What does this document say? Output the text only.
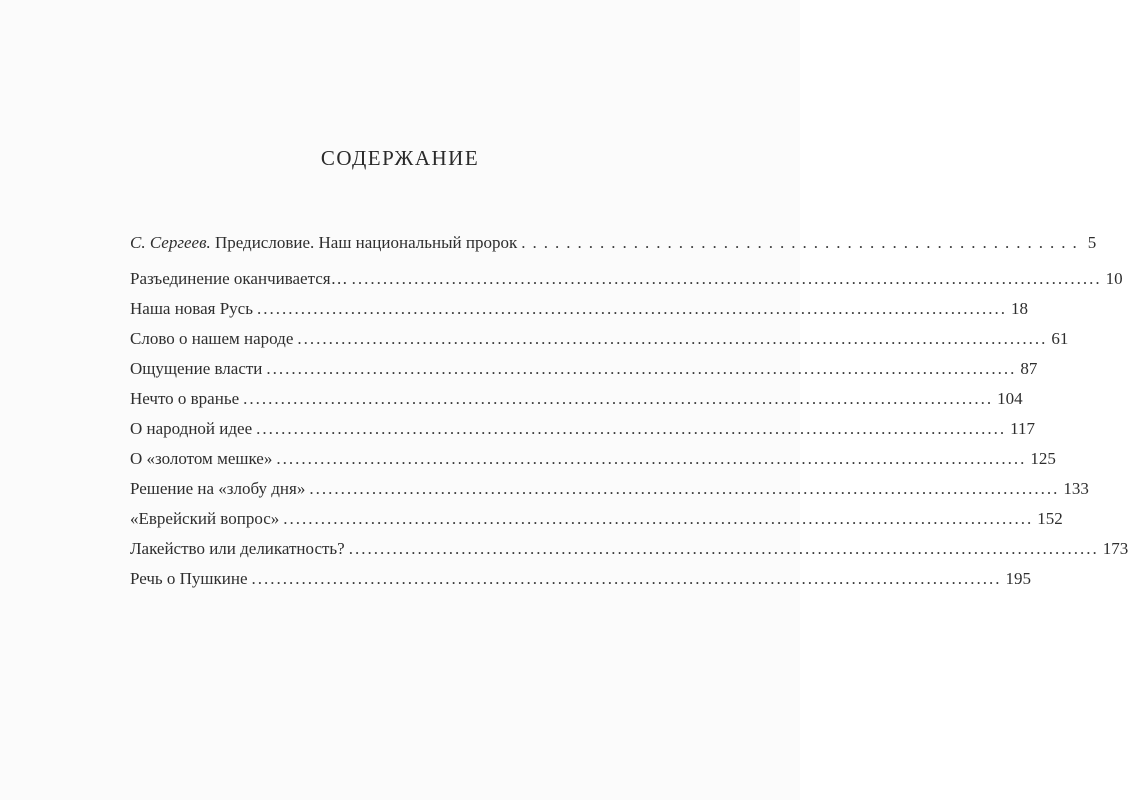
СОДЕРЖАНИЕ
С. Сергеев. Предисловие. Наш национальный пророк .................................................. 5
Разъединение оканчивается… ........................................................................................................................ 10
Наша новая Русь ........................................................................................................................ 18
Слово о нашем народе ........................................................................................................................ 61
Ощущение власти ........................................................................................................................ 87
Нечто о вранье ........................................................................................................................ 104
О народной идее ........................................................................................................................ 117
О «золотом мешке» ........................................................................................................................ 125
Решение на «злобу дня» ........................................................................................................................ 133
«Еврейский вопрос» ........................................................................................................................ 152
Лакейство или деликатность? ........................................................................................................................ 173
Речь о Пушкине ........................................................................................................................ 195
